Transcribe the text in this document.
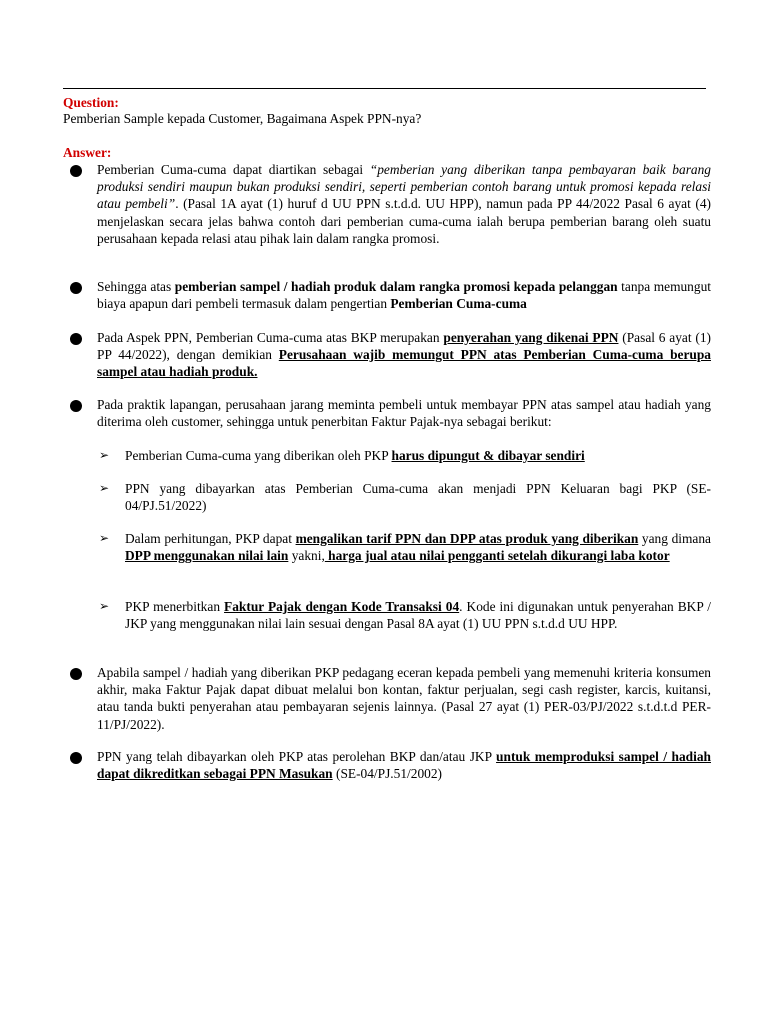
Question:
Pemberian Sample kepada Customer, Bagaimana Aspek PPN-nya?
Answer:
Pemberian Cuma-cuma dapat diartikan sebagai “pemberian yang diberikan tanpa pembayaran baik barang produksi sendiri maupun bukan produksi sendiri, seperti pemberian contoh barang untuk promosi kepada relasi atau pembeli”. (Pasal 1A ayat (1) huruf d UU PPN s.t.d.d. UU HPP), namun pada PP 44/2022 Pasal 6 ayat (4) menjelaskan secara jelas bahwa contoh dari pemberian cuma-cuma ialah berupa pemberian barang oleh suatu perusahaan kepada relasi atau pihak lain dalam rangka promosi.
Sehingga atas pemberian sampel / hadiah produk dalam rangka promosi kepada pelanggan tanpa memungut biaya apapun dari pembeli termasuk dalam pengertian Pemberian Cuma-cuma
Pada Aspek PPN, Pemberian Cuma-cuma atas BKP merupakan penyerahan yang dikenai PPN (Pasal 6 ayat (1) PP 44/2022), dengan demikian Perusahaan wajib memungut PPN atas Pemberian Cuma-cuma berupa sampel atau hadiah produk.
Pada praktik lapangan, perusahaan jarang meminta pembeli untuk membayar PPN atas sampel atau hadiah yang diterima oleh customer, sehingga untuk penerbitan Faktur Pajak-nya sebagai berikut:
➢ Pemberian Cuma-cuma yang diberikan oleh PKP harus dipungut & dibayar sendiri
➢ PPN yang dibayarkan atas Pemberian Cuma-cuma akan menjadi PPN Keluaran bagi PKP (SE-04/PJ.51/2022)
➢ Dalam perhitungan, PKP dapat mengalikan tarif PPN dan DPP atas produk yang diberikan yang dimana DPP menggunakan nilai lain yakni, harga jual atau nilai pengganti setelah dikurangi laba kotor
➢ PKP menerbitkan Faktur Pajak dengan Kode Transaksi 04. Kode ini digunakan untuk penyerahan BKP / JKP yang menggunakan nilai lain sesuai dengan Pasal 8A ayat (1) UU PPN s.t.d.d UU HPP.
Apabila sampel / hadiah yang diberikan PKP pedagang eceran kepada pembeli yang memenuhi kriteria konsumen akhir, maka Faktur Pajak dapat dibuat melalui bon kontan, faktur perjualan, segi cash register, karcis, kuitansi, atau tanda bukti penyerahan atau pembayaran sejenis lainnya. (Pasal 27 ayat (1) PER-03/PJ/2022 s.t.d.t.d PER-11/PJ/2022).
PPN yang telah dibayarkan oleh PKP atas perolehan BKP dan/atau JKP untuk memproduksi sampel / hadiah dapat dikreditkan sebagai PPN Masukan (SE-04/PJ.51/2002)
